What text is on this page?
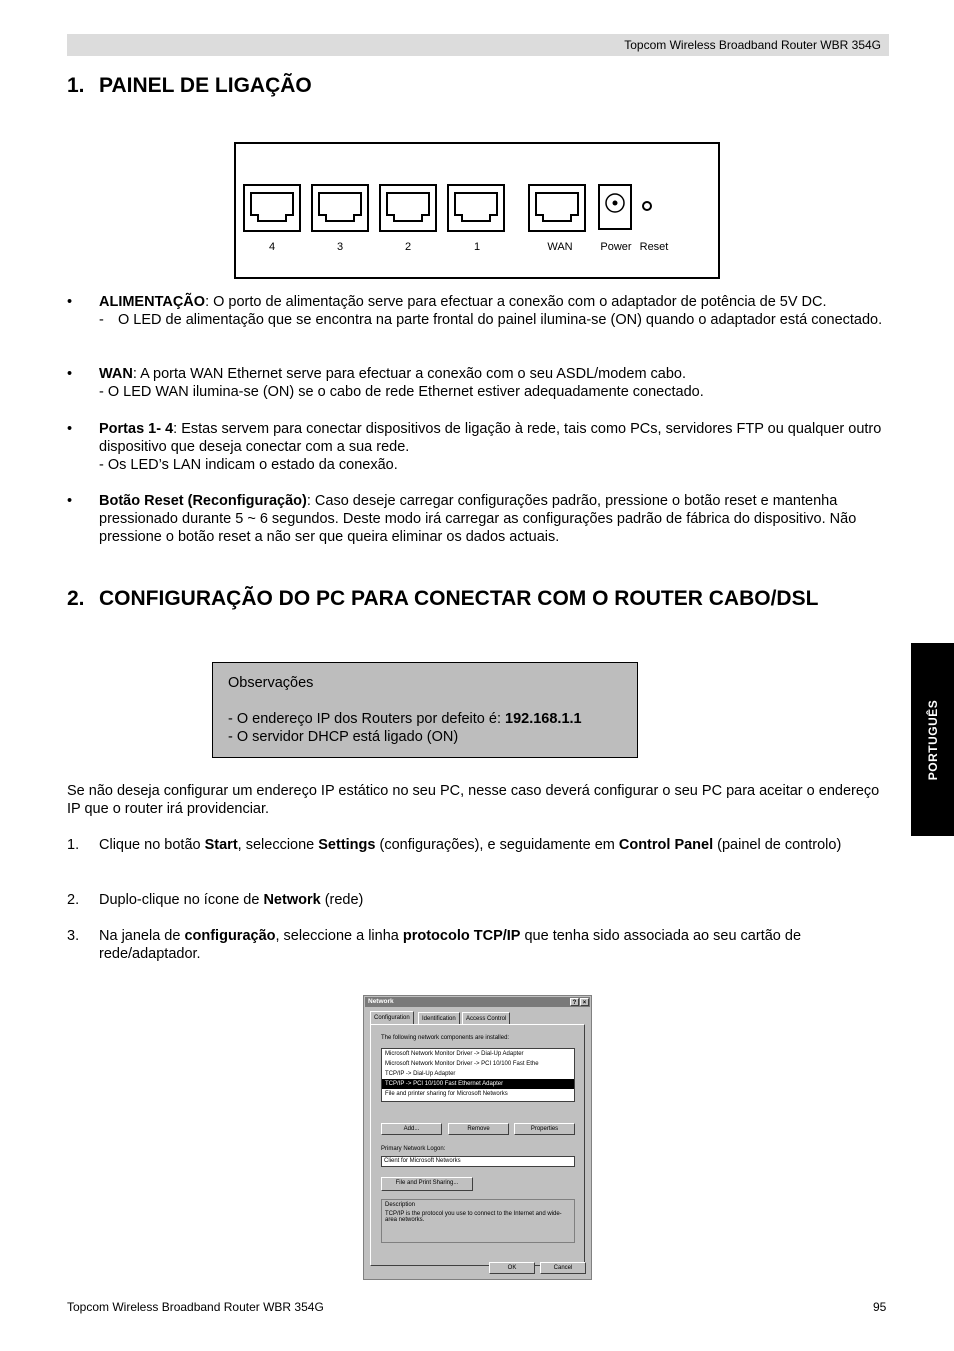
Topcom Wireless Broadband Router WBR 354G
1. PAINEL DE LIGAÇÃO
4	3	2	1	WAN	Power Reset
• ALIMENTAÇÃO: O porto de alimentação serve para efectuar a conexão com o adaptador de potência de 5V DC.

- O LED de alimentação que se encontra na parte frontal do painel ilumina-se (ON) quando o adaptador está conectado.
• WAN: A porta WAN Ethernet serve para efectuar a conexão com o seu ASDL/modem cabo.

- O LED WAN ilumina-se (ON) se o cabo de rede Ethernet estiver adequadamente conectado.

• Portas 1- 4: Estas servem para conectar dispositivos de ligação à rede, tais como PCs, servidores FTP ou qualquer outro dispositivo que deseja conectar com a sua rede.

- Os LED’s LAN indicam o estado da conexão.

• Botão Reset (Reconfiguração): Caso deseje carregar configurações padrão, pressione o botão reset e mantenha pressionado durante 5 ~ 6 segundos. Deste modo irá carregar as configurações padrão de fábrica do dispositivo. Não pressione o botão reset a não ser que queira eliminar os dados actuais.

2. CONFIGURAÇÃO DO PC PARA CONECTAR COM O ROUTER CABO/DSL

Observações

- O endereço IP dos Routers por defeito é: 192.168.1.1

- O servidor DHCP está ligado (ON)

Se não deseja configurar um endereço IP estático no seu PC, nesse caso deverá configurar o seu PC para aceitar o endereço IP que o router irá providenciar.

1. Clique no botão Start, seleccione Settings (configurações), e seguidamente em Control Panel (painel de controlo)
2. Duplo-clique no ícone de Network (rede)
3. Na janela de configuração, seleccione a linha protocolo TCP/IP que tenha sido associada ao seu cartão de rede/adaptador.
Network	?	×
Configuration	Identification	Access Control
The following network components are installed:
Microsoft Network Monitor Driver -> Dial-Up Adapter
Microsoft Network Monitor Driver -> PCI 10/100 Fast Ethe
TCP/IP -> Dial-Up Adapter
TCP/IP -> PCI 10/100 Fast Ethernet Adapter
File and printer sharing for Microsoft Networks
Add...	Remove	Properties
Primary Network Logon:
Client for Microsoft Networks
File and Print Sharing...
Description
TCP/IP is the protocol you use to connect to the Internet and wide-area networks.
OK	Cancel
PORTUGUÊS
Topcom Wireless Broadband Router WBR 354G	95
